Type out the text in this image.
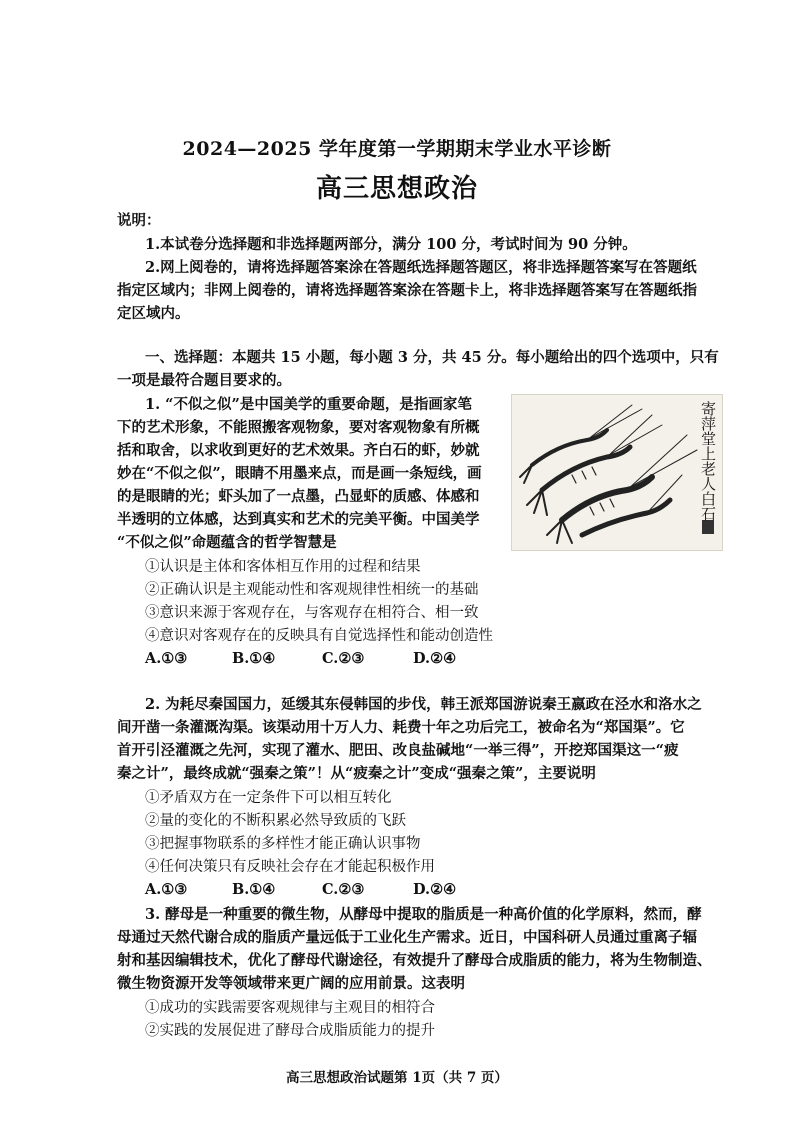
2024—2025 学年度第一学期期末学业水平诊断
高三思想政治
说明：
1.本试卷分选择题和非选择题两部分，满分 100 分，考试时间为 90 分钟。
2.网上阅卷的，请将选择题答案涂在答题纸选择题答题区，将非选择题答案写在答题纸
指定区域内；非网上阅卷的，请将选择题答案涂在答题卡上，将非选择题答案写在答题纸指
定区域内。
一、选择题：本题共 15 小题，每小题 3 分，共 45 分。每小题给出的四个选项中，只有
一项是最符合题目要求的。
1. “不似之似”是中国美学的重要命题，是指画家笔
下的艺术形象，不能照搬客观物象，要对客观物象有所概
括和取舍，以求收到更好的艺术效果。齐白石的虾，妙就
妙在“不似之似”，眼睛不用墨来点，而是画一条短线，画
的是眼睛的光；虾头加了一点墨，凸显虾的质感、体感和
半透明的立体感，达到真实和艺术的完美平衡。中国美学
“不似之似”命题蕴含的哲学智慧是
①认识是主体和客体相互作用的过程和结果
②正确认识是主观能动性和客观规律性相统一的基础
③意识来源于客观存在，与客观存在相符合、相一致
④意识对客观存在的反映具有自觉选择性和能动创造性
A.①③	B.①④	C.②③	D.②④
寄萍堂上老人白石
2. 为耗尽秦国国力，延缓其东侵韩国的步伐，韩王派郑国游说秦王嬴政在泾水和洛水之
间开凿一条灌溉沟渠。该渠动用十万人力、耗费十年之功后完工，被命名为“郑国渠”。它
首开引泾灌溉之先河，实现了灌水、肥田、改良盐碱地“一举三得”，开挖郑国渠这一“疲
秦之计”，最终成就“强秦之策”！从“疲秦之计”变成“强秦之策”，主要说明
①矛盾双方在一定条件下可以相互转化
②量的变化的不断积累必然导致质的飞跃
③把握事物联系的多样性才能正确认识事物
④任何决策只有反映社会存在才能起积极作用
A.①③	B.①④	C.②③	D.②④
3. 酵母是一种重要的微生物，从酵母中提取的脂质是一种高价值的化学原料，然而，酵
母通过天然代谢合成的脂质产量远低于工业化生产需求。近日，中国科研人员通过重离子辐
射和基因编辑技术，优化了酵母代谢途径，有效提升了酵母合成脂质的能力，将为生物制造、
微生物资源开发等领域带来更广阔的应用前景。这表明
①成功的实践需要客观规律与主观目的相符合
②实践的发展促进了酵母合成脂质能力的提升
高三思想政治试题第 1页（共 7 页）
